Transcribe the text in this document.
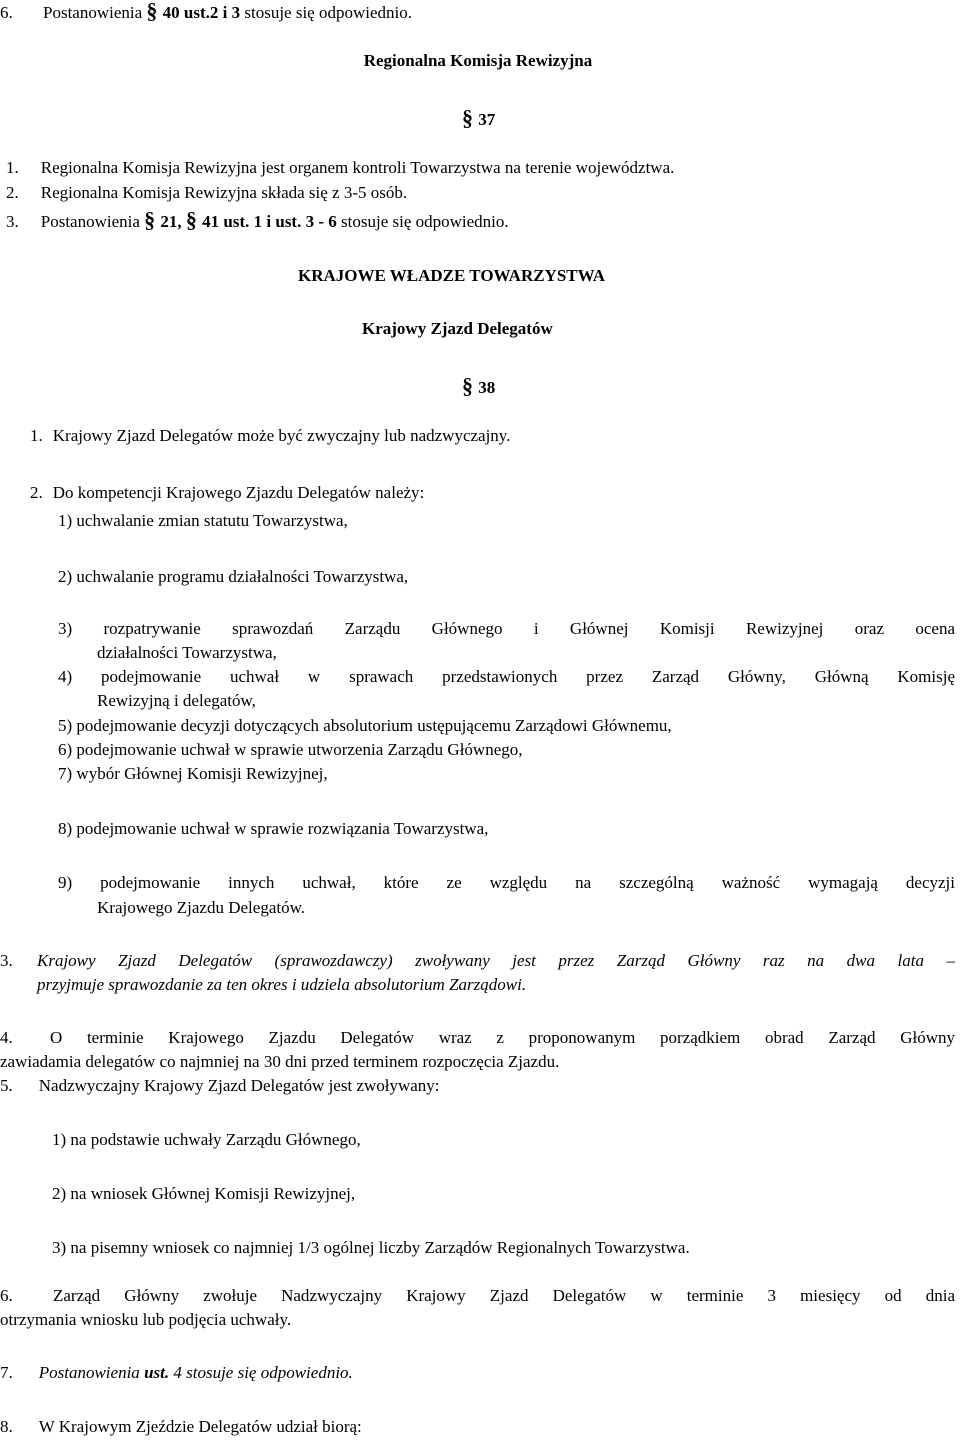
6. Postanowienia § 40 ust.2 i 3 stosuje się odpowiednio.
Regionalna Komisja Rewizyjna
§ 37
1. Regionalna Komisja Rewizyjna jest organem kontroli Towarzystwa na terenie województwa.
2. Regionalna Komisja Rewizyjna składa się z 3-5 osób.
3. Postanowienia § 21, § 41 ust. 1 i ust. 3 - 6 stosuje się odpowiednio.
KRAJOWE WŁADZE TOWARZYSTWA
Krajowy Zjazd Delegatów
§ 38
1. Krajowy Zjazd Delegatów może być zwyczajny lub nadzwyczajny.
2. Do kompetencji Krajowego Zjazdu Delegatów należy:
1) uchwalanie zmian statutu Towarzystwa,
2) uchwalanie programu działalności Towarzystwa,
3) rozpatrywanie sprawozdań Zarządu Głównego i Głównej Komisji Rewizyjnej oraz ocena
działalności Towarzystwa,
4) podejmowanie uchwał w sprawach przedstawionych przez Zarząd Główny, Główną Komisję
Rewizyjną i delegatów,
5) podejmowanie decyzji dotyczących absolutorium ustępującemu Zarządowi Głównemu,
6) podejmowanie uchwał w sprawie utworzenia Zarządu Głównego,
7) wybór Głównej Komisji Rewizyjnej,
8) podejmowanie uchwał w sprawie rozwiązania Towarzystwa,
9) podejmowanie innych uchwał, które ze względu na szczególną ważność wymagają decyzji
Krajowego Zjazdu Delegatów.
3.	Krajowy Zjazd Delegatów (sprawozdawczy) zwoływany jest przez Zarząd Główny raz na dwa lata –
przyjmuje sprawozdanie za ten okres i udziela absolutorium Zarządowi.
4.	O terminie Krajowego Zjazdu Delegatów wraz z proponowanym porządkiem obrad Zarząd Główny
zawiadamia delegatów co najmniej na 30 dni przed terminem rozpoczęcia Zjazdu.
5. Nadzwyczajny Krajowy Zjazd Delegatów jest zwoływany:
1) na podstawie uchwały Zarządu Głównego,
2) na wniosek Głównej Komisji Rewizyjnej,
3) na pisemny wniosek co najmniej 1/3 ogólnej liczby Zarządów Regionalnych Towarzystwa.
6.	Zarząd Główny zwołuje Nadzwyczajny Krajowy Zjazd Delegatów w terminie 3 miesięcy od dnia
otrzymania wniosku lub podjęcia uchwały.
7. Postanowienia ust. 4 stosuje się odpowiednio.
8. W Krajowym Zjeździe Delegatów udział biorą:
